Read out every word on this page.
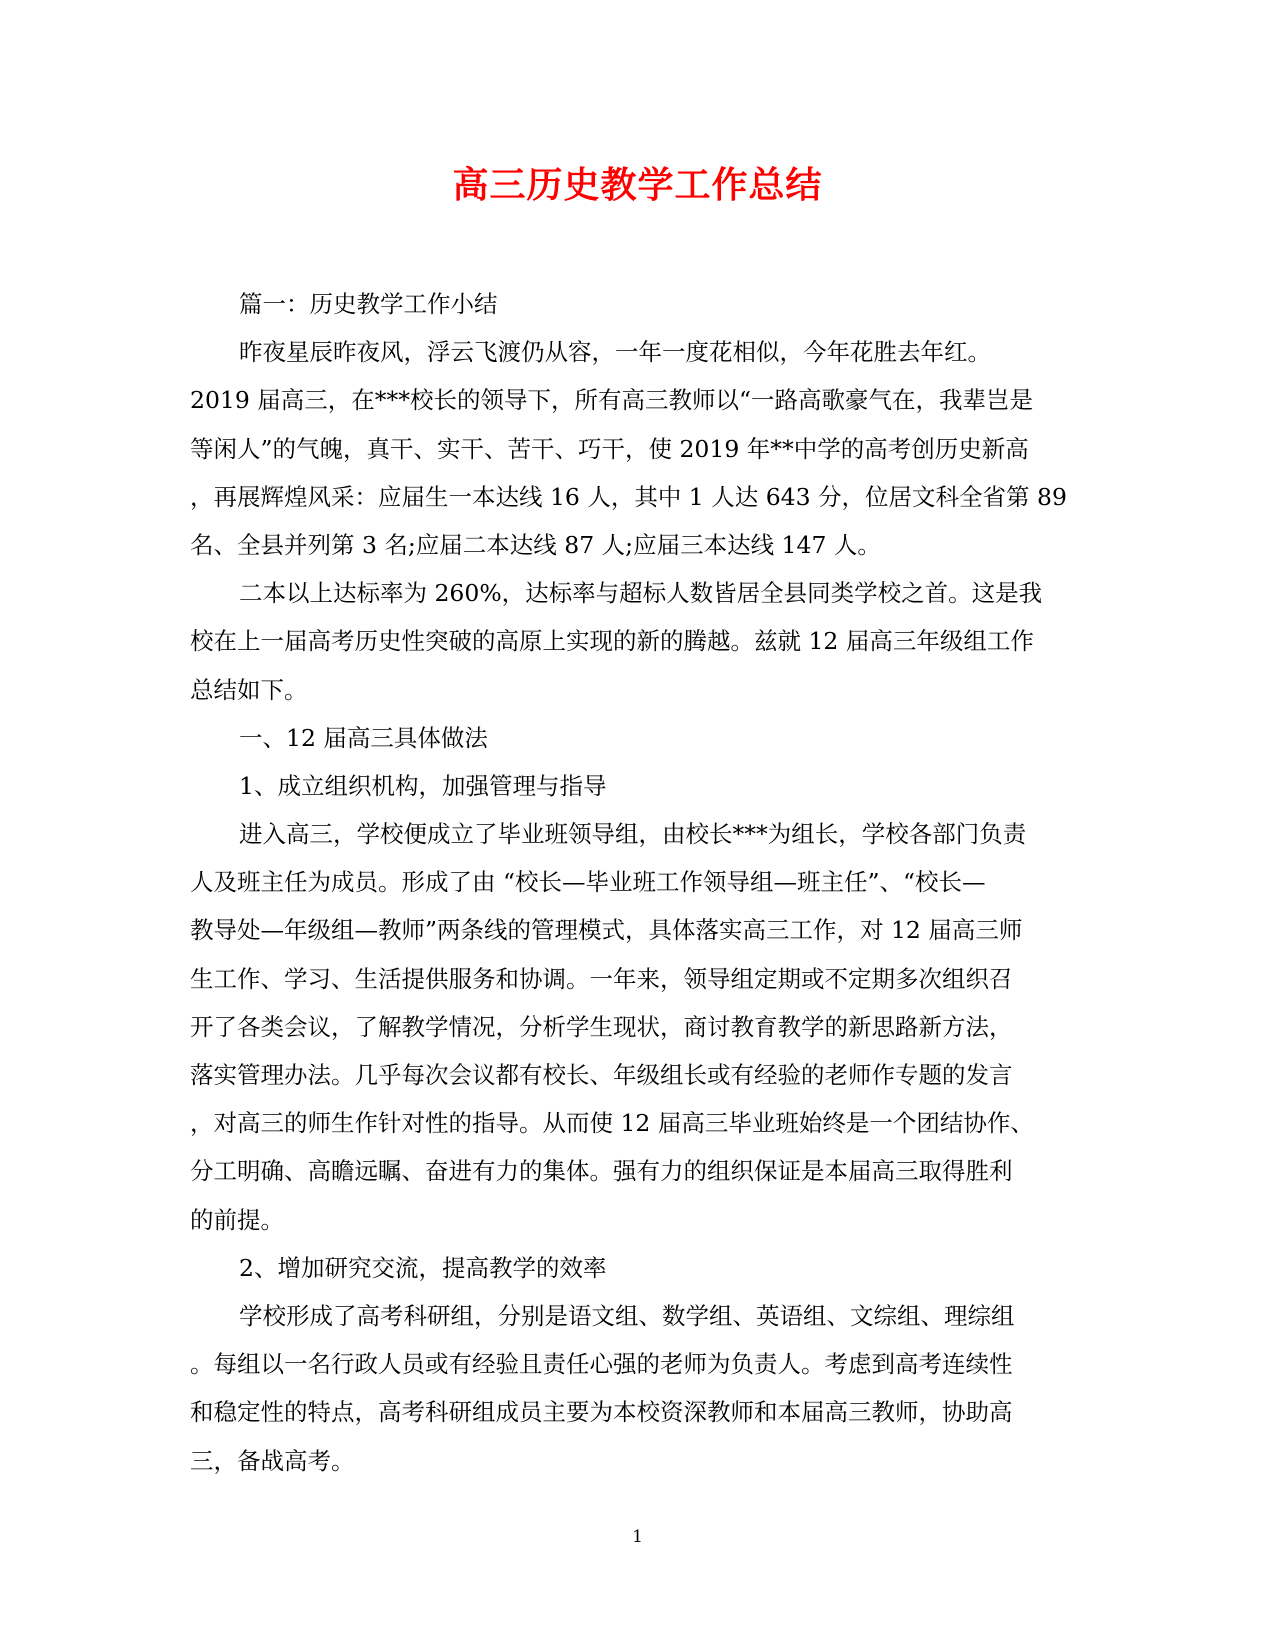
高三历史教学工作总结
篇一：历史教学工作小结
昨夜星辰昨夜风，浮云飞渡仍从容，一年一度花相似，今年花胜去年红。
2019 届高三，在***校长的领导下，所有高三教师以“一路高歌豪气在，我辈岂是
等闲人”的气魄，真干、实干、苦干、巧干，使 2019 年**中学的高考创历史新高
，再展辉煌风采：应届生一本达线 16 人，其中 1 人达 643 分，位居文科全省第 89
名、全县并列第 3 名;应届二本达线 87 人;应届三本达线 147 人。
二本以上达标率为 260%，达标率与超标人数皆居全县同类学校之首。这是我
校在上一届高考历史性突破的高原上实现的新的腾越。兹就 12 届高三年级组工作
总结如下。
一、12 届高三具体做法
1、成立组织机构，加强管理与指导
进入高三，学校便成立了毕业班领导组，由校长***为组长，学校各部门负责
人及班主任为成员。形成了由 “校长—毕业班工作领导组—班主任”、“校长—
教导处—年级组—教师”两条线的管理模式，具体落实高三工作，对 12 届高三师
生工作、学习、生活提供服务和协调。一年来，领导组定期或不定期多次组织召
开了各类会议，了解教学情况，分析学生现状，商讨教育教学的新思路新方法，
落实管理办法。几乎每次会议都有校长、年级组长或有经验的老师作专题的发言
，对高三的师生作针对性的指导。从而使 12 届高三毕业班始终是一个团结协作、
分工明确、高瞻远瞩、奋进有力的集体。强有力的组织保证是本届高三取得胜利
的前提。
2、增加研究交流，提高教学的效率
学校形成了高考科研组，分别是语文组、数学组、英语组、文综组、理综组
。每组以一名行政人员或有经验且责任心强的老师为负责人。考虑到高考连续性
和稳定性的特点，高考科研组成员主要为本校资深教师和本届高三教师，协助高
三，备战高考。
1
